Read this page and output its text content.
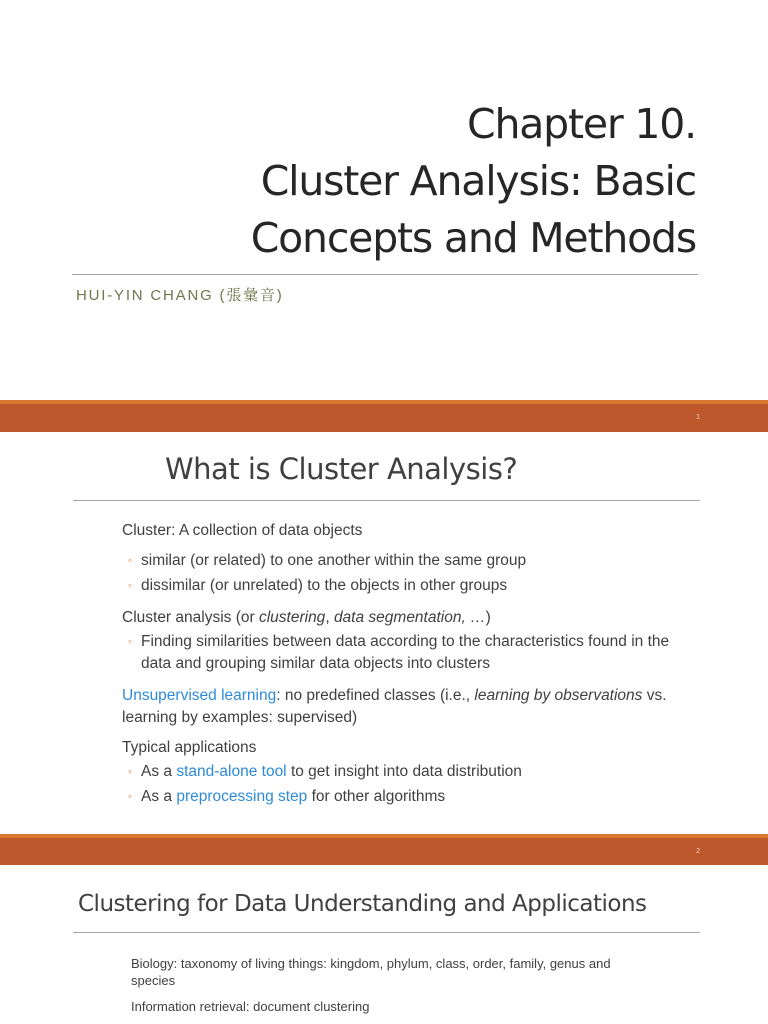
Chapter 10.
Cluster Analysis: Basic
Concepts and Methods
HUI-YIN CHANG (張彙音)
1
What is Cluster Analysis?
Cluster: A collection of data objects
◦ similar (or related) to one another within the same group
◦ dissimilar (or unrelated) to the objects in other groups
Cluster analysis (or clustering, data segmentation, …)
◦ Finding similarities between data according to the characteristics found in the data and grouping similar data objects into clusters
Unsupervised learning: no predefined classes (i.e., learning by observations vs. learning by examples: supervised)
Typical applications
◦ As a stand-alone tool to get insight into data distribution
◦ As a preprocessing step for other algorithms
2
Clustering for Data Understanding and Applications

Biology: taxonomy of living things: kingdom, phylum, class, order, family, genus and species

Information retrieval: document clustering
